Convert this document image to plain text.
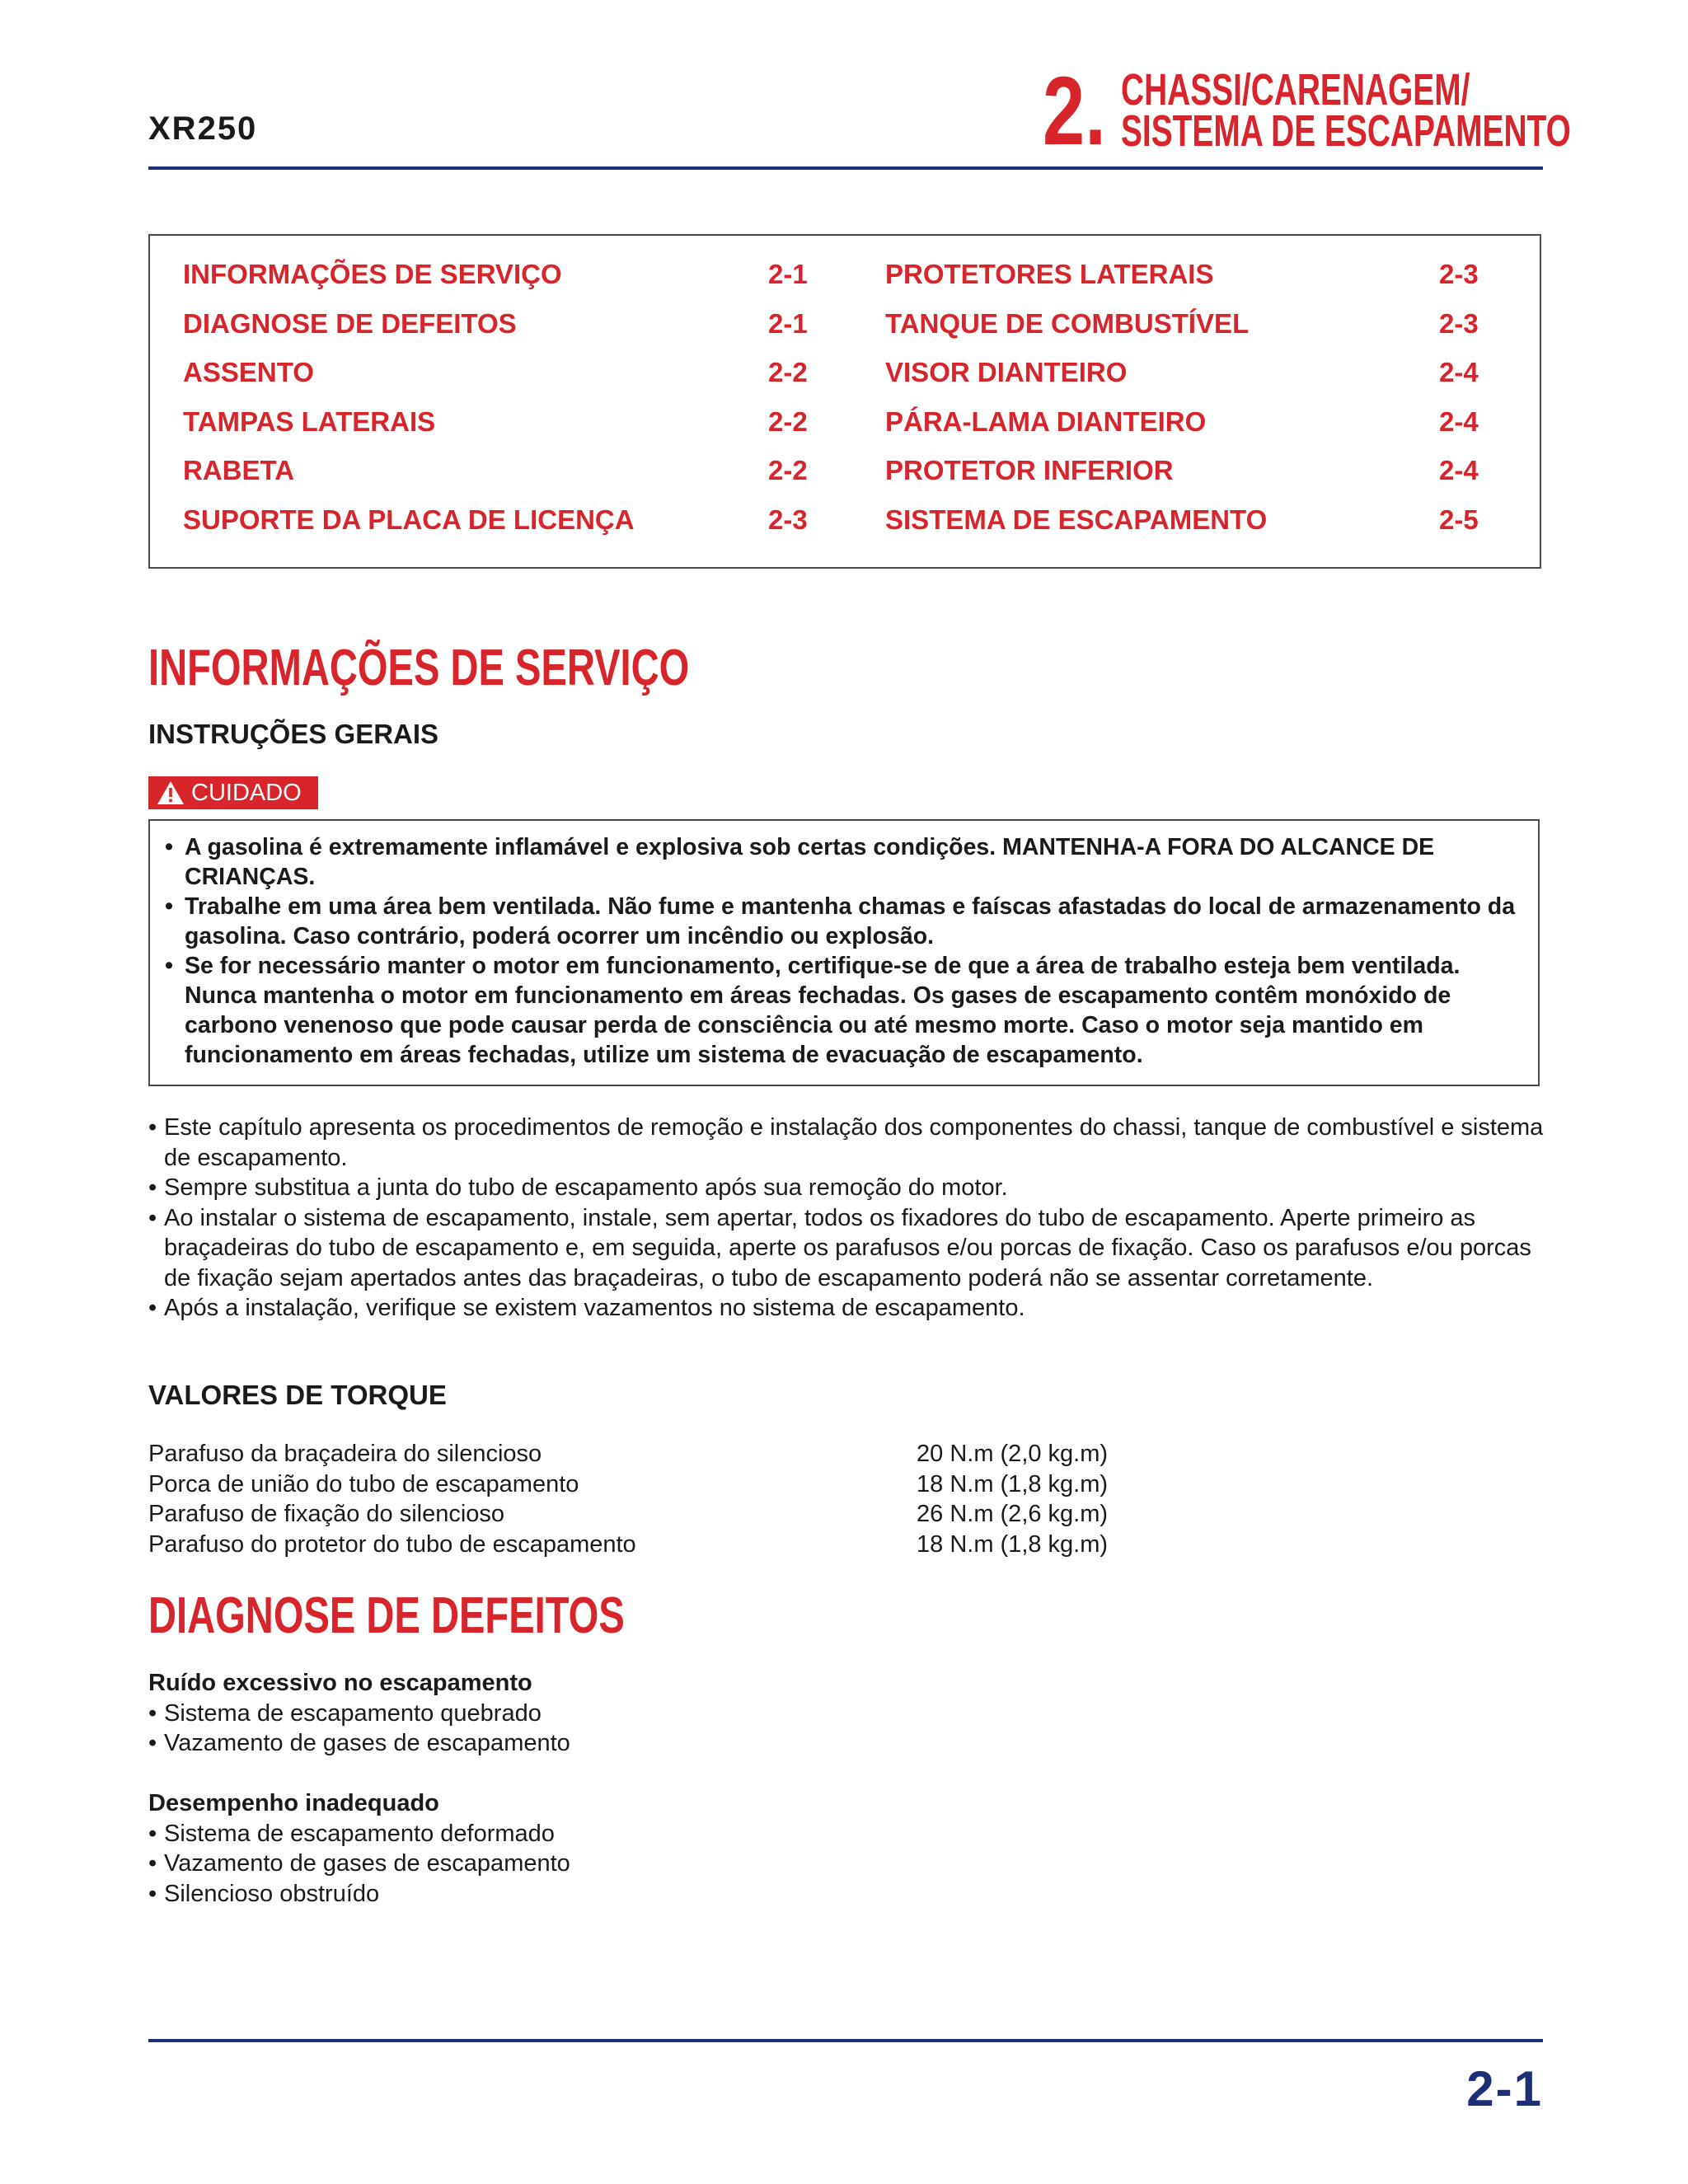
XR250	2. CHASSI/CARENAGEM/
SISTEMA DE ESCAPAMENTO
INFORMAÇÕES DE SERVIÇO	2-1
DIAGNOSE DE DEFEITOS	2-1
ASSENTO	2-2
TAMPAS LATERAIS	2-2
RABETA	2-2
SUPORTE DA PLACA DE LICENÇA	2-3
PROTETORES LATERAIS	2-3
TANQUE DE COMBUSTÍVEL	2-3
VISOR DIANTEIRO	2-4
PÁRA-LAMA DIANTEIRO	2-4
PROTETOR INFERIOR	2-4
SISTEMA DE ESCAPAMENTO	2-5
INFORMAÇÕES DE SERVIÇO
INSTRUÇÕES GERAIS
CUIDADO
• A gasolina é extremamente inflamável e explosiva sob certas condições. MANTENHA-A FORA DO ALCANCE DE CRIANÇAS.
• Trabalhe em uma área bem ventilada. Não fume e mantenha chamas e faíscas afastadas do local de armazenamento da gasolina. Caso contrário, poderá ocorrer um incêndio ou explosão.
• Se for necessário manter o motor em funcionamento, certifique-se de que a área de trabalho esteja bem ventilada. Nunca mantenha o motor em funcionamento em áreas fechadas. Os gases de escapamento contêm monóxido de carbono venenoso que pode causar perda de consciência ou até mesmo morte. Caso o motor seja mantido em funcionamento em áreas fechadas, utilize um sistema de evacuação de escapamento.
• Este capítulo apresenta os procedimentos de remoção e instalação dos componentes do chassi, tanque de combustível e sistema de escapamento.
• Sempre substitua a junta do tubo de escapamento após sua remoção do motor.
• Ao instalar o sistema de escapamento, instale, sem apertar, todos os fixadores do tubo de escapamento. Aperte primeiro as braçadeiras do tubo de escapamento e, em seguida, aperte os parafusos e/ou porcas de fixação. Caso os parafusos e/ou porcas de fixação sejam apertados antes das braçadeiras, o tubo de escapamento poderá não se assentar corretamente.
• Após a instalação, verifique se existem vazamentos no sistema de escapamento.
VALORES DE TORQUE
Parafuso da braçadeira do silencioso	20 N.m (2,0 kg.m)
Porca de união do tubo de escapamento	18 N.m (1,8 kg.m)
Parafuso de fixação do silencioso	26 N.m (2,6 kg.m)
Parafuso do protetor do tubo de escapamento	18 N.m (1,8 kg.m)
DIAGNOSE DE DEFEITOS
Ruído excessivo no escapamento
• Sistema de escapamento quebrado
• Vazamento de gases de escapamento
Desempenho inadequado
• Sistema de escapamento deformado
• Vazamento de gases de escapamento
• Silencioso obstruído
2-1
